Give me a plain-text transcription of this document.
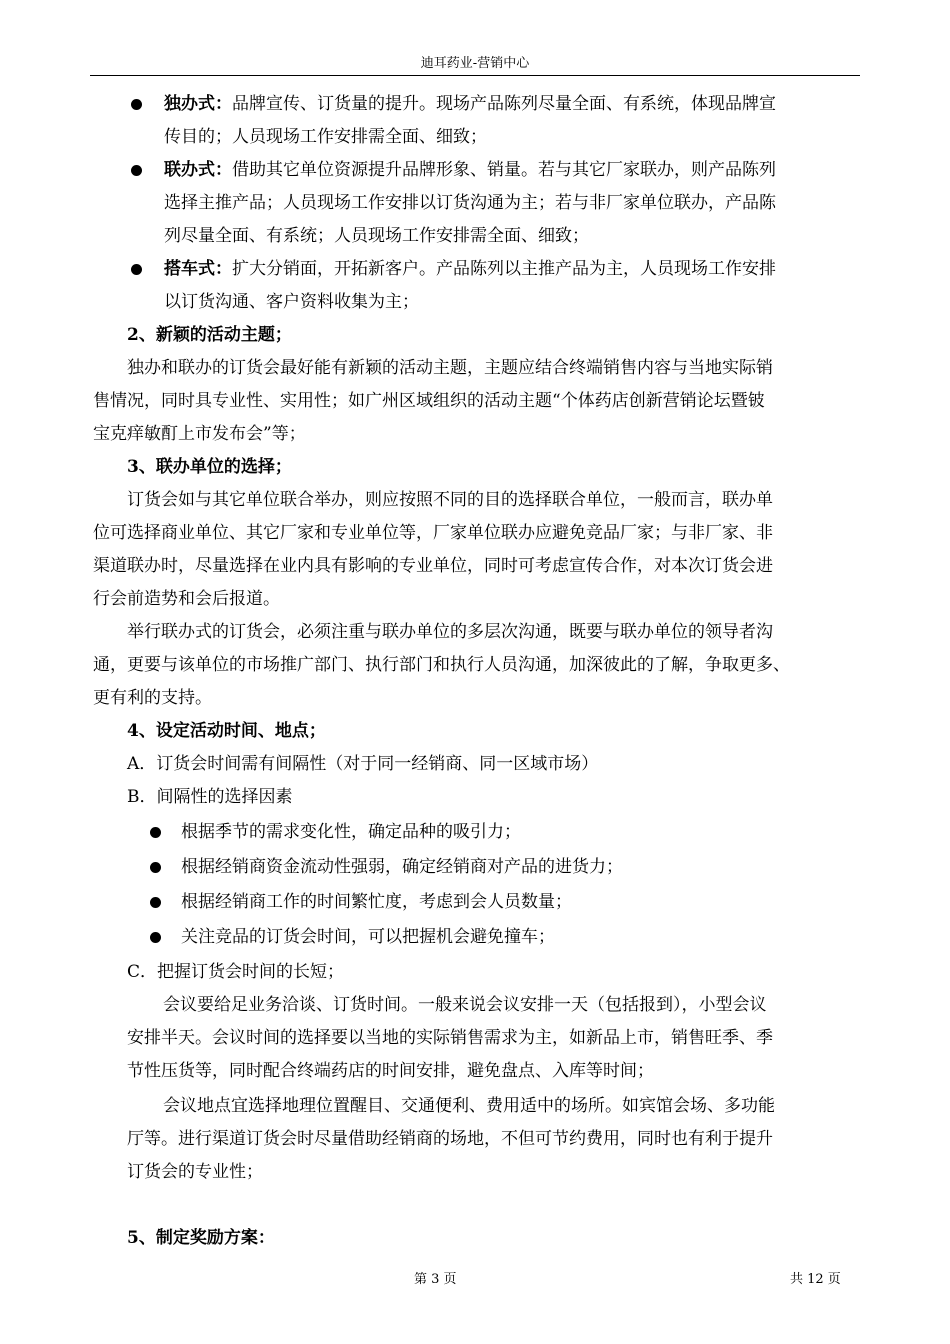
迪耳药业-营销中心
独办式：品牌宣传、订货量的提升。现场产品陈列尽量全面、有系统，体现品牌宣
传目的；人员现场工作安排需全面、细致；
联办式：借助其它单位资源提升品牌形象、销量。若与其它厂家联办，则产品陈列
选择主推产品；人员现场工作安排以订货沟通为主；若与非厂家单位联办，产品陈
列尽量全面、有系统；人员现场工作安排需全面、细致；
搭车式：扩大分销面，开拓新客户。产品陈列以主推产品为主，人员现场工作安排
以订货沟通、客户资料收集为主；
2、新颖的活动主题；
独办和联办的订货会最好能有新颖的活动主题，主题应结合终端销售内容与当地实际销
售情况，同时具专业性、实用性；如广州区域组织的活动主题“个体药店创新营销论坛暨铍
宝克痒敏酊上市发布会”等；
3、联办单位的选择；
订货会如与其它单位联合举办，则应按照不同的目的选择联合单位，一般而言，联办单
位可选择商业单位、其它厂家和专业单位等，厂家单位联办应避免竞品厂家；与非厂家、非
渠道联办时，尽量选择在业内具有影响的专业单位，同时可考虑宣传合作，对本次订货会进
行会前造势和会后报道。
举行联办式的订货会，必须注重与联办单位的多层次沟通，既要与联办单位的领导者沟
通，更要与该单位的市场推广部门、执行部门和执行人员沟通，加深彼此的了解，争取更多、
更有利的支持。
4、设定活动时间、地点；
A．订货会时间需有间隔性（对于同一经销商、同一区域市场）
B．间隔性的选择因素
根据季节的需求变化性，确定品种的吸引力；
根据经销商资金流动性强弱，确定经销商对产品的进货力；
根据经销商工作的时间繁忙度，考虑到会人员数量；
关注竞品的订货会时间，可以把握机会避免撞车；
C．把握订货会时间的长短；
会议要给足业务洽谈、订货时间。一般来说会议安排一天（包括报到），小型会议
安排半天。会议时间的选择要以当地的实际销售需求为主，如新品上市，销售旺季、季
节性压货等，同时配合终端药店的时间安排，避免盘点、入库等时间；
会议地点宜选择地理位置醒目、交通便利、费用适中的场所。如宾馆会场、多功能
厅等。进行渠道订货会时尽量借助经销商的场地，不但可节约费用，同时也有利于提升
订货会的专业性；
5、制定奖励方案：
第 3 页	共 12 页
